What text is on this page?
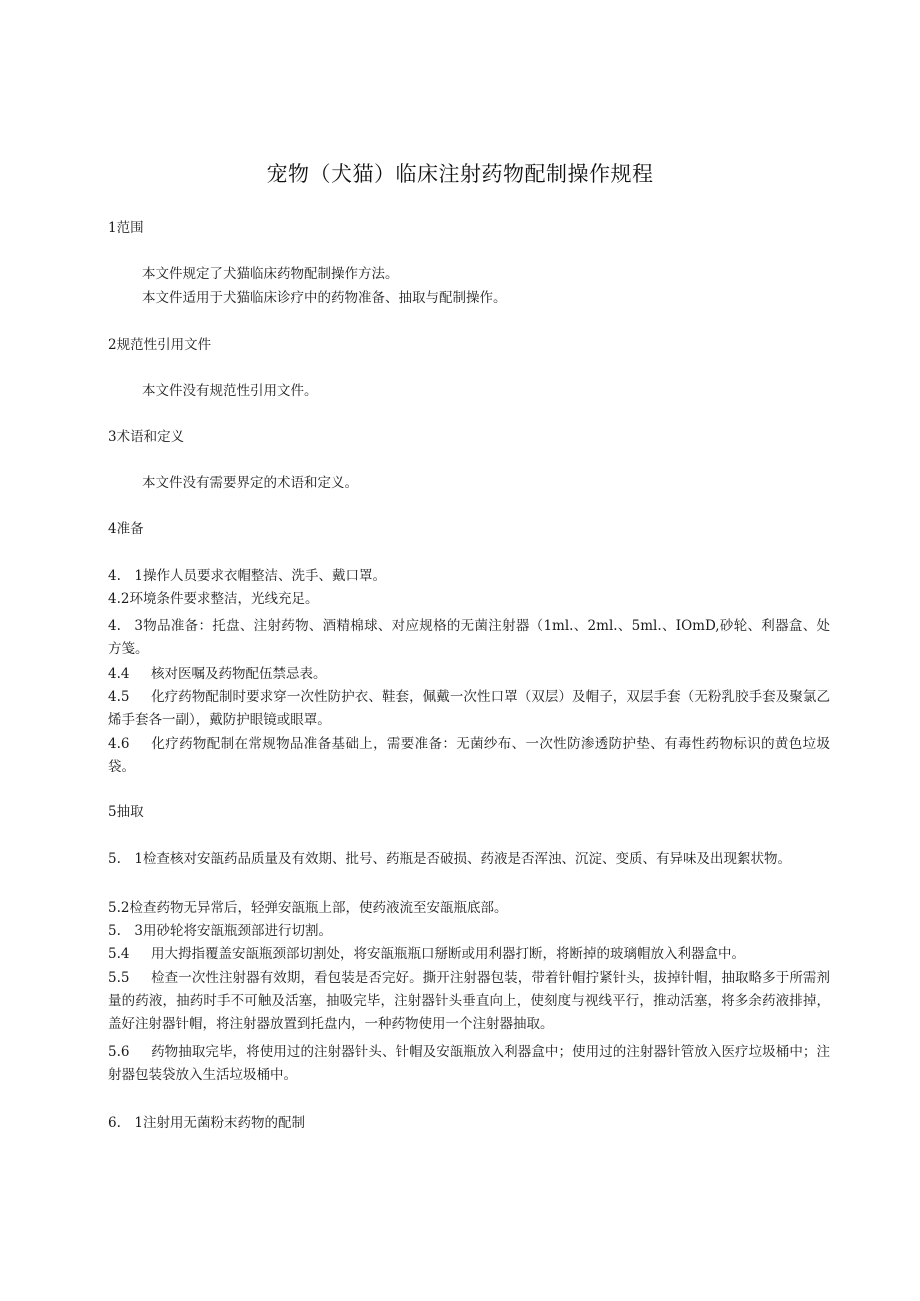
宠物（犬猫）临床注射药物配制操作规程
1范围
本文件规定了犬猫临床药物配制操作方法。
本文件适用于犬猫临床诊疗中的药物准备、抽取与配制操作。
2规范性引用文件
本文件没有规范性引用文件。
3术语和定义
本文件没有需要界定的术语和定义。
4准备
4.　1操作人员要求衣帽整洁、洗手、戴口罩。
4.2环境条件要求整洁，光线充足。
4.　3物品准备：托盘、注射药物、酒精棉球、对应规格的无菌注射器（1ml.、2ml.、5ml.、IOmD,砂轮、利器盒、处方笺。
4.4 核对医嘱及药物配伍禁忌表。
4.5 化疗药物配制时要求穿一次性防护衣、鞋套，佩戴一次性口罩（双层）及帽子，双层手套（无粉乳胶手套及聚氯乙烯手套各一副），戴防护眼镜或眼罩。
4.6 化疗药物配制在常规物品准备基础上，需要准备：无菌纱布、一次性防渗透防护垫、有毒性药物标识的黄色垃圾袋。
5抽取
5.　1检查核对安瓿药品质量及有效期、批号、药瓶是否破损、药液是否浑浊、沉淀、变质、有异味及出现絮状物。
5.2检查药物无异常后，轻弹安瓿瓶上部，使药液流至安瓿瓶底部。
5.　3用砂轮将安瓿瓶颈部进行切割。
5.4 用大拇指覆盖安瓿瓶颈部切割处，将安瓿瓶瓶口掰断或用利器打断，将断掉的玻璃帽放入利器盒中。
5.5 检查一次性注射器有效期，看包装是否完好。撕开注射器包装，带着针帽拧紧针头，拔掉针帽，抽取略多于所需剂量的药液，抽药时手不可触及活塞，抽吸完毕，注射器针头垂直向上，使刻度与视线平行，推动活塞，将多余药液排掉，盖好注射器针帽，将注射器放置到托盘内，一种药物使用一个注射器抽取。
5.6 药物抽取完毕，将使用过的注射器针头、针帽及安瓿瓶放入利器盒中；使用过的注射器针管放入医疗垃圾桶中；注射器包装袋放入生活垃圾桶中。
6.　1注射用无菌粉末药物的配制
